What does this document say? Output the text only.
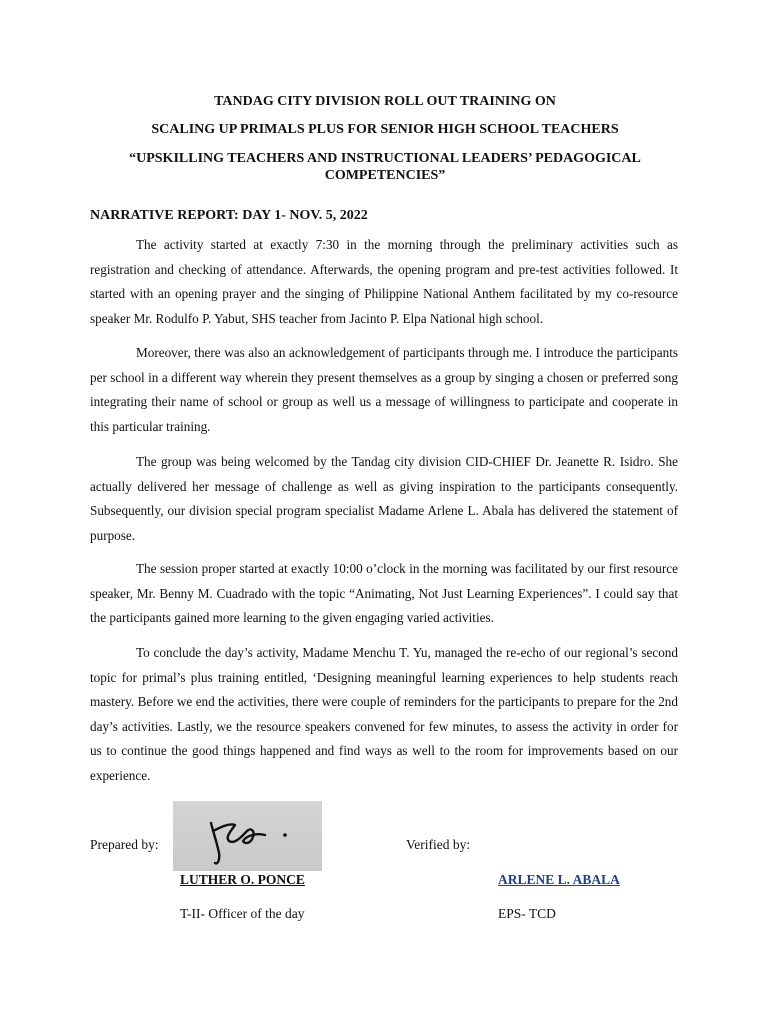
TANDAG CITY DIVISION ROLL OUT TRAINING ON
SCALING UP PRIMALS PLUS FOR SENIOR HIGH SCHOOL TEACHERS
“UPSKILLING TEACHERS AND INSTRUCTIONAL LEADERS’ PEDAGOGICAL COMPETENCIES”
NARRATIVE REPORT: DAY 1- NOV. 5, 2022

The activity started at exactly 7:30 in the morning through the preliminary activities such as registration and checking of attendance. Afterwards, the opening program and pre-test activities followed. It started with an opening prayer and the singing of Philippine National Anthem facilitated by my co-resource speaker Mr. Rodulfo P. Yabut, SHS teacher from Jacinto P. Elpa National high school.

Moreover, there was also an acknowledgement of participants through me. I introduce the participants per school in a different way wherein they present themselves as a group by singing a chosen or preferred song integrating their name of school or group as well us a message of willingness to participate and cooperate in this particular training.

The group was being welcomed by the Tandag city division CID-CHIEF Dr. Jeanette R. Isidro. She actually delivered her message of challenge as well as giving inspiration to the participants consequently. Subsequently, our division special program specialist Madame Arlene L. Abala has delivered the statement of purpose.

The session proper started at exactly 10:00 o’clock in the morning was facilitated by our first resource speaker, Mr. Benny M. Cuadrado with the topic “Animating, Not Just Learning Experiences”. I could say that the participants gained more learning to the given engaging varied activities.

To conclude the day’s activity, Madame Menchu T. Yu, managed the re-echo of our regional’s second topic for primal’s plus training entitled, ‘Designing meaningful learning experiences to help students reach mastery. Before we end the activities, there were couple of reminders for the participants to prepare for the 2nd day’s activities. Lastly, we the resource speakers convened for few minutes, to assess the activity in order for us to continue the good things happened and find ways as well to the room for improvements based on our experience.

Prepared by:	Verified by:
LUTHER O. PONCE	ARLENE L. ABALA
T-II- Officer of the day	EPS- TCD
